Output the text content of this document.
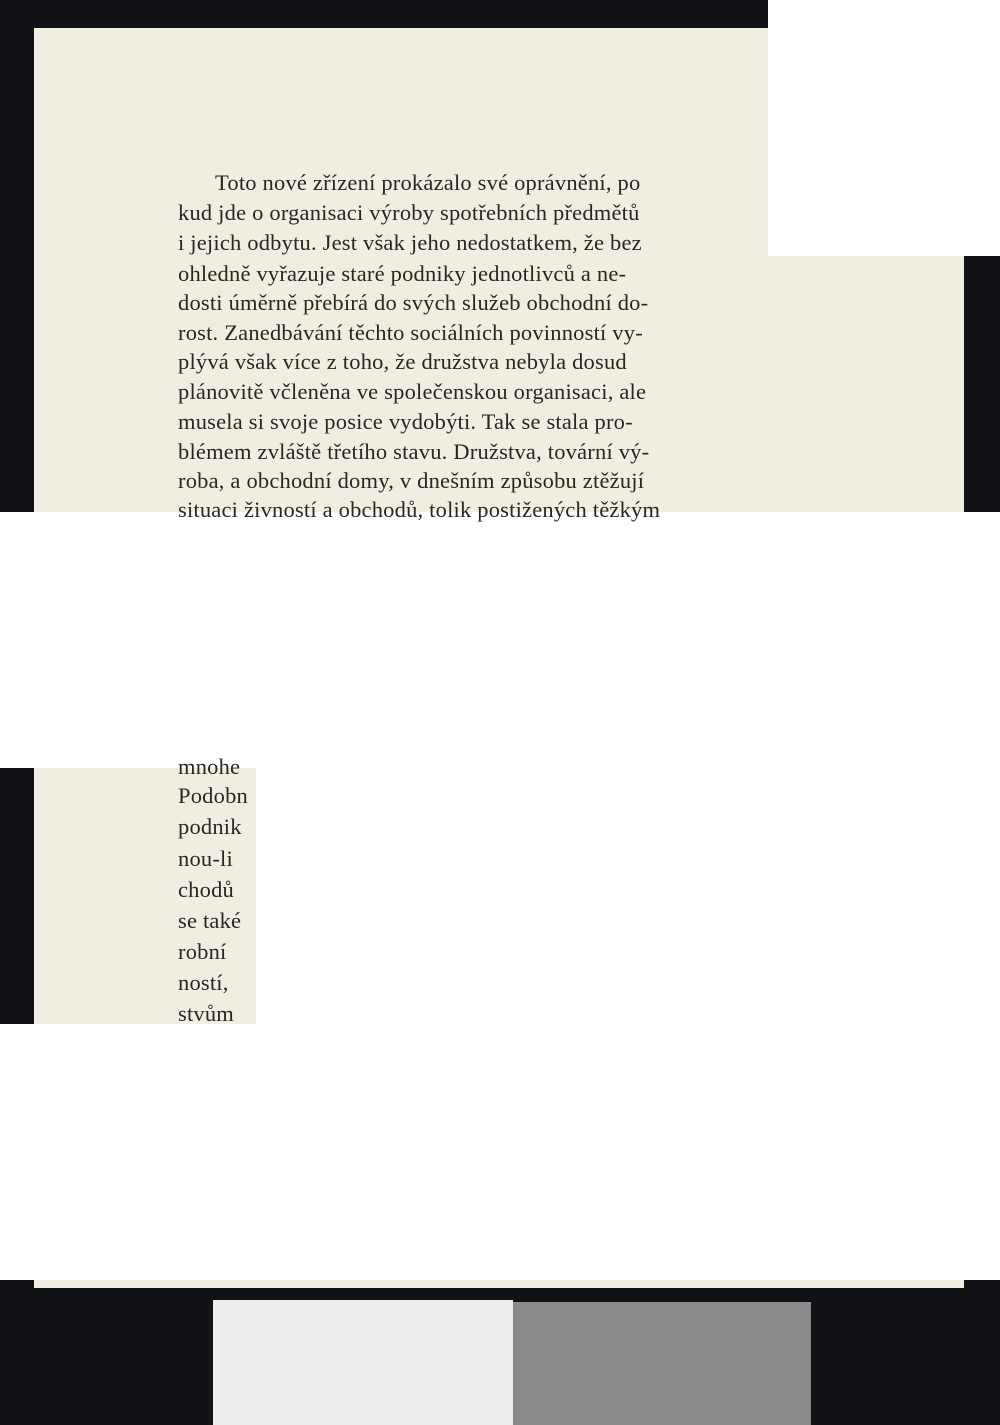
Toto nové zřízení prokázalo své oprávnění, po
kud jde o organisaci výroby spotřebních předmětů
i jejich odbytu. Jest však jeho nedostatkem, že bez
ohledně vyřazuje staré podniky jednotlivců a ne-
dosti úměrně přebírá do svých služeb obchodní do-
rost. Zanedbávání těchto sociálních povinností vy-
plývá však více z toho, že družstva nebyla dosud
plánovitě včleněna ve společenskou organisaci, ale
musela si svoje posice vydobýti. Tak se stala pro-
blémem zvláště třetího stavu. Družstva, tovární vý-
roba, a obchodní domy, v dnešním způsobu ztěžují
situaci živností a obchodů, tolik postižených těžkým
mnohe
Podobn
podnik
nou-li
chodů
se také
robní
ností,
stvům
